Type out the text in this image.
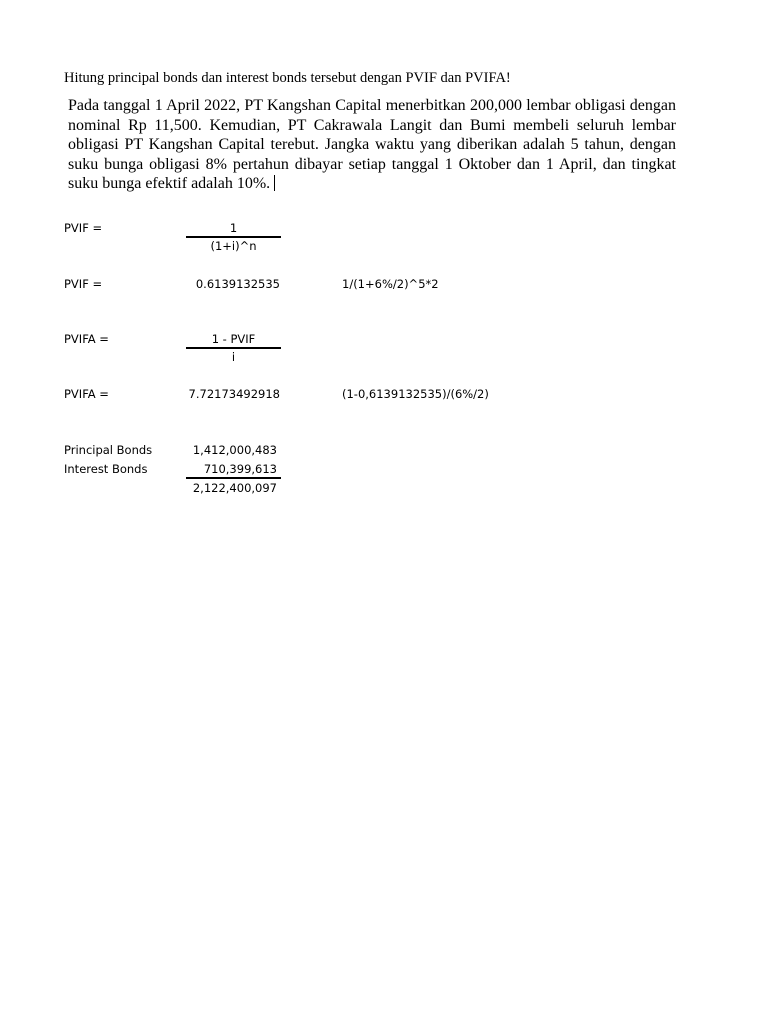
Hitung principal bonds dan interest bonds tersebut dengan PVIF dan PVIFA!
Pada tanggal 1 April 2022, PT Kangshan Capital menerbitkan 200,000 lembar obligasi dengan nominal Rp 11,500. Kemudian, PT Cakrawala Langit dan Bumi membeli seluruh lembar obligasi PT Kangshan Capital terebut. Jangka waktu yang diberikan adalah 5 tahun, dengan suku bunga obligasi 8% pertahun dibayar setiap tanggal 1 Oktober dan 1 April, dan tingkat suku bunga efektif adalah 10%.
PVIF =	1
(1+i)^n
PVIF =	0.6139132535	1/(1+6%/2)^5*2
PVIFA =	1 - PVIF
i
PVIFA =	7.72173492918	(1-0,6139132535)/(6%/2)
Principal Bonds	1,412,000,483
Interest Bonds	710,399,613
2,122,400,097
